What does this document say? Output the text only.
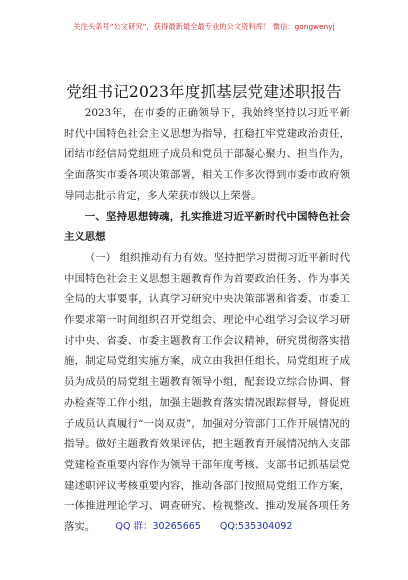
关注头条号“公文研究”，获得最新最全最专业的公文资料库！ 微信：gongwenyj
党组书记2023年度抓基层党建述职报告

2023年，在市委的正确领导下，我始终坚持以习近平新时代中国特色社会主义思想为指导，扛稳扛牢党建政治责任，团结市经信局党组班子成员和党员干部凝心聚力、担当作为，全面落实市委各项决策部署，相关工作多次得到市委市政府领导同志批示肯定，多人荣获市级以上荣誉。

一、坚持思想铸魂，扎实推进习近平新时代中国特色社会主义思想

（一） 组织推动有力有效。坚持把学习贯彻习近平新时代中国特色社会主义思想主题教育作为首要政治任务、作为事关全局的大事要事，认真学习研究中央决策部署和省委、市委工作要求第一时间组织召开党组会、理论中心组学习会议学习研讨中央、省委、市委主题教育工作会议精神，研究贯彻落实措施，制定局党组实施方案，成立由我担任组长、局党组班子成员为成员的局党组主题教育领导小组，配套设立综合协调、督办检查等工作小组，加强主题教育落实情况跟踪督导，督促班子成员认真履行“一岗双责”，加强对分管部门工作开展情况的指导。做好主题教育效果评估，把主题教育开展情况纳入支部党建检查重要内容作为领导干部年度考核、支部书记抓基层党建述职评议考核重要内容，推动各部门按照局党组工作方案，一体推进理论学习、调查研究、检视整改、推动发展各项任务落实。	QQ 群：30265665 QQ:535304092
